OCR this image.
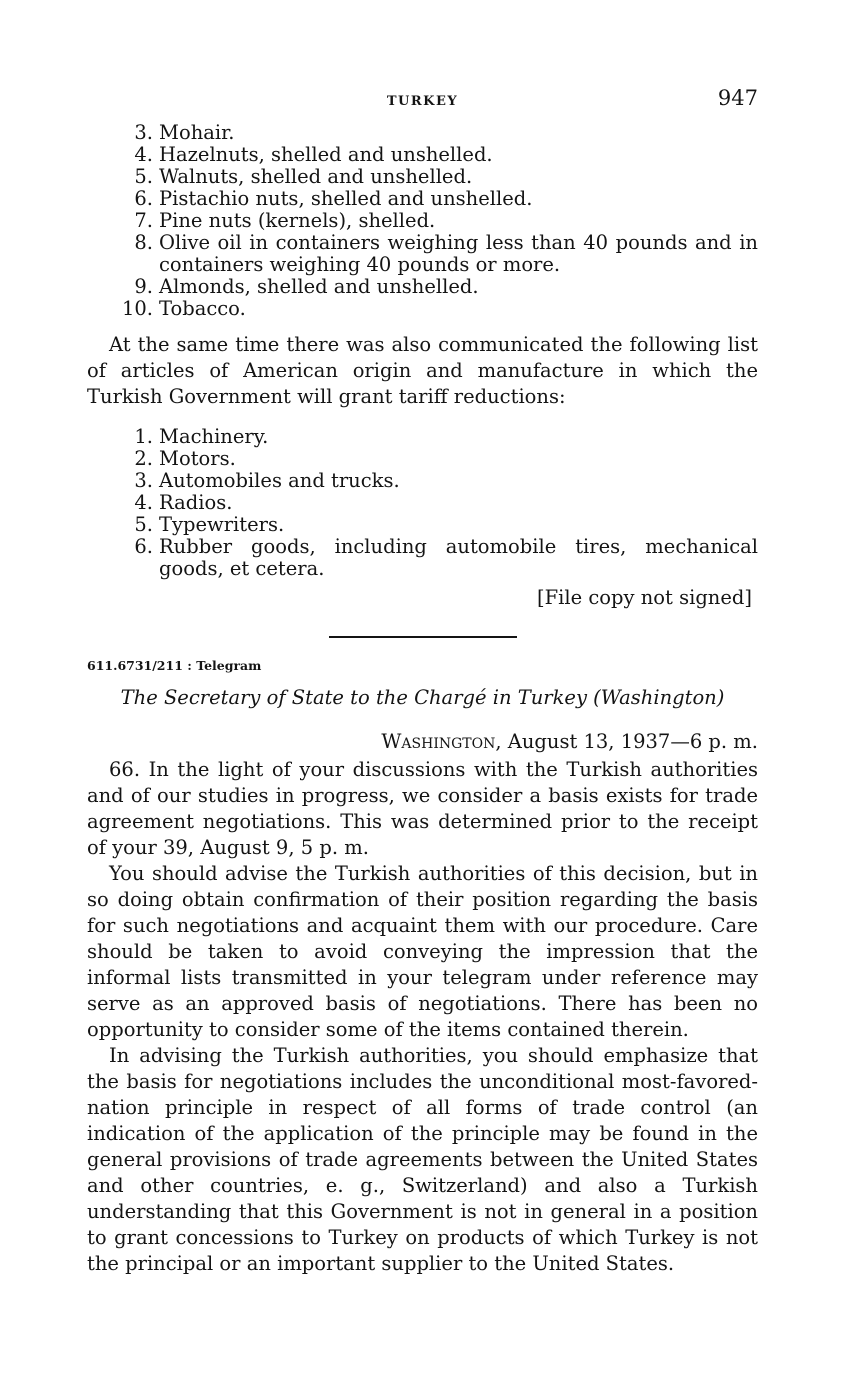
TURKEY	947
3. Mohair.
4. Hazelnuts, shelled and unshelled.
5. Walnuts, shelled and unshelled.
6. Pistachio nuts, shelled and unshelled.
7. Pine nuts (kernels), shelled.
8. Olive oil in containers weighing less than 40 pounds and in containers weighing 40 pounds or more.
9. Almonds, shelled and unshelled.
10. Tobacco.

At the same time there was also communicated the following list of articles of American origin and manufacture in which the Turkish Government will grant tariff reductions:

1. Machinery.
2. Motors.
3. Automobiles and trucks.
4. Radios.
5. Typewriters.
6. Rubber goods, including automobile tires, mechanical goods, et cetera.
[File copy not signed]
611.6731/211 : Telegram
The Secretary of State to the Chargé in Turkey (Washington)
Washington, August 13, 1937—6 p. m.

66. In the light of your discussions with the Turkish authorities and of our studies in progress, we consider a basis exists for trade agreement negotiations. This was determined prior to the receipt of your 39, August 9, 5 p. m.

You should advise the Turkish authorities of this decision, but in so doing obtain confirmation of their position regarding the basis for such negotiations and acquaint them with our procedure. Care should be taken to avoid conveying the impression that the informal lists transmitted in your telegram under reference may serve as an approved basis of negotiations. There has been no opportunity to consider some of the items contained therein.

In advising the Turkish authorities, you should emphasize that the basis for negotiations includes the unconditional most-favored-nation principle in respect of all forms of trade control (an indication of the application of the principle may be found in the general provisions of trade agreements between the United States and other countries, e. g., Switzerland) and also a Turkish understanding that this Government is not in general in a position to grant concessions to Turkey on products of which Turkey is not the principal or an important supplier to the United States.
